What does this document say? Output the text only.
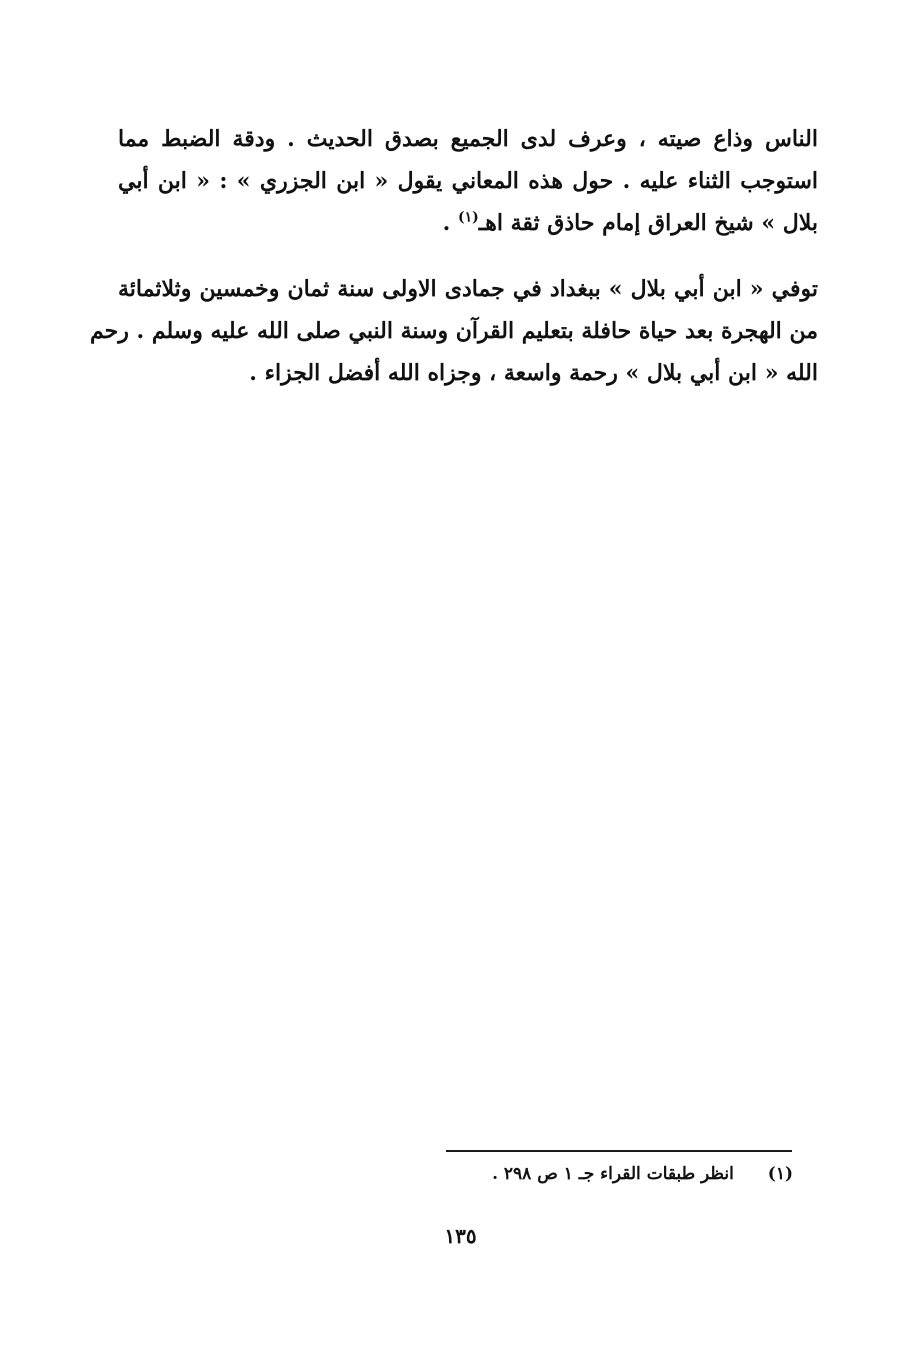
الناس وذاع صيته ، وعرف لدى الجميع بصدق الحديث . ودقة الضبط مما
استوجب الثناء عليه . حول هذه المعاني يقول « ابن الجزري » : « ابن أبي
بلال » شيخ العراق إمام حاذق ثقة اهـ$^{(١)}$ .
توفي « ابن أبي بلال » ببغداد في جمادى الاولى سنة ثمان وخمسين وثلاثمائة
من الهجرة بعد حياة حافلة بتعليم القرآن وسنة النبي صلى الله عليه وسلم . رحم
الله « ابن أبي بلال » رحمة واسعة ، وجزاه الله أفضل الجزاء .
(١) انظر طبقات القراء جـ ١ ص ٢٩٨ .
١٣٥
